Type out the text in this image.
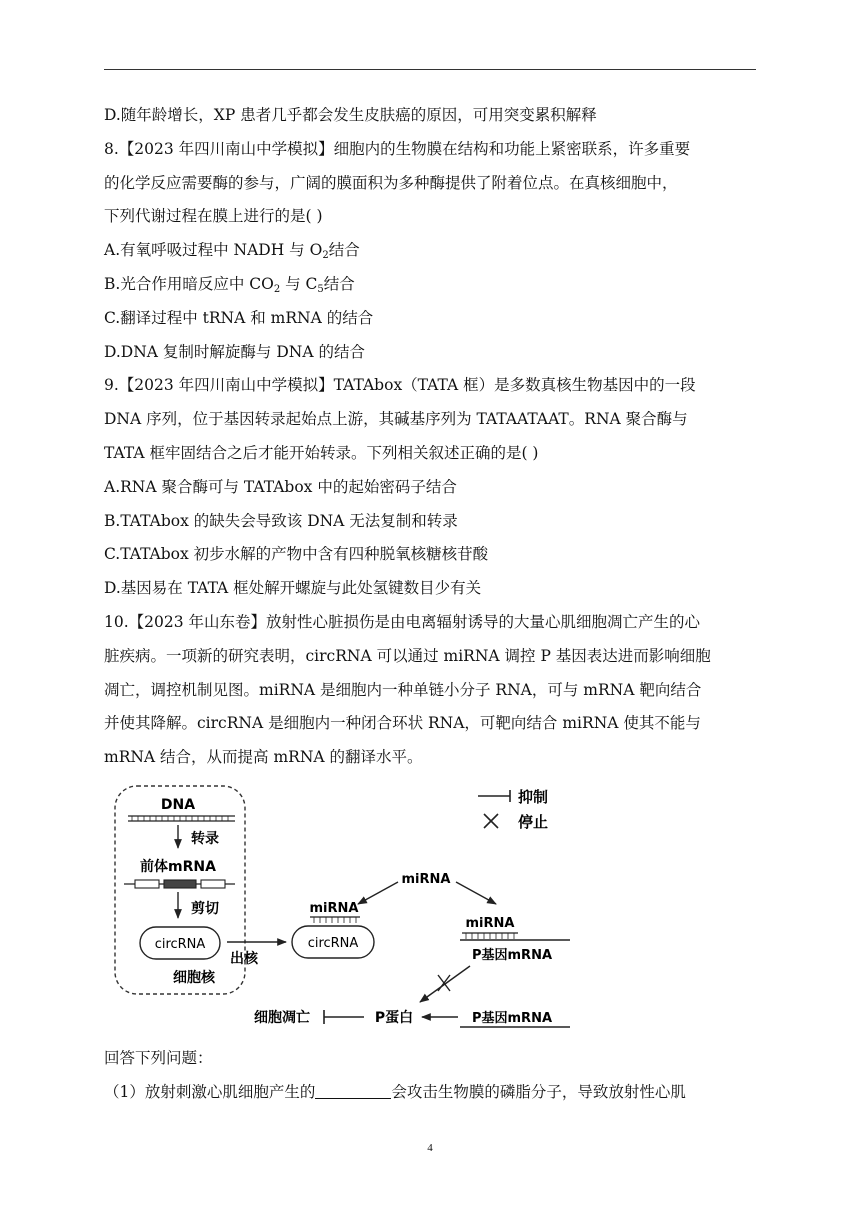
D.随年龄增长，XP 患者几乎都会发生皮肤癌的原因，可用突变累积解释
8.【2023 年四川南山中学模拟】细胞内的生物膜在结构和功能上紧密联系，许多重要
的化学反应需要酶的参与，广阔的膜面积为多种酶提供了附着位点。在真核细胞中，
下列代谢过程在膜上进行的是( )
A.有氧呼吸过程中 NADH 与 $O_2$结合
B.光合作用暗反应中 $CO_2$ 与 $C_5$结合
C.翻译过程中 tRNA 和 mRNA 的结合
D.DNA 复制时解旋酶与 DNA 的结合
9.【2023 年四川南山中学模拟】TATAbox（TATA 框）是多数真核生物基因中的一段
DNA 序列，位于基因转录起始点上游，其碱基序列为 TATAATAAT。RNA 聚合酶与
TATA 框牢固结合之后才能开始转录。下列相关叙述正确的是( )
A.RNA 聚合酶可与 TATAbox 中的起始密码子结合
B.TATAbox 的缺失会导致该 DNA 无法复制和转录
C.TATAbox 初步水解的产物中含有四种脱氧核糖核苷酸
D.基因易在 TATA 框处解开螺旋与此处氢键数目少有关
10.【2023 年山东卷】放射性心脏损伤是由电离辐射诱导的大量心肌细胞凋亡产生的心
脏疾病。一项新的研究表明，circRNA 可以通过 miRNA 调控 P 基因表达进而影响细胞
凋亡，调控机制见图。miRNA 是细胞内一种单链小分子 RNA，可与 mRNA 靶向结合
并使其降解。circRNA 是细胞内一种闭合环状 RNA，可靶向结合 miRNA 使其不能与
mRNA 结合，从而提高 mRNA 的翻译水平。
DNA
转录
前体mRNA
剪切
circRNA
细胞核
出核
miRNA
circRNA
miRNA
miRNA
P基因mRNA
P基因mRNA
P蛋白
细胞凋亡
抑制
停止
回答下列问题：
（1）放射刺激心肌细胞产生的	会攻击生物膜的磷脂分子，导致放射性心肌
4
